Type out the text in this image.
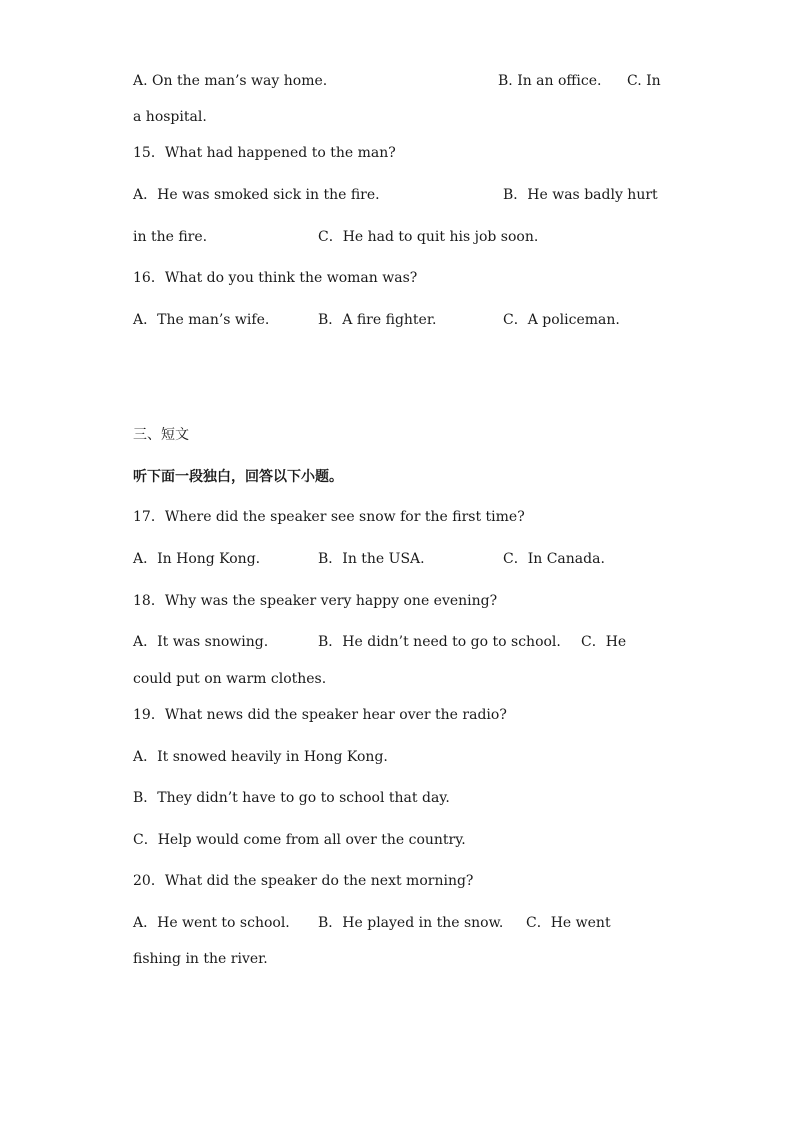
A. On the man’s way home.	B. In an office. C. In
a hospital.
15．What had happened to the man?
A．He was smoked sick in the fire.	B．He was badly hurt
in the fire.	C．He had to quit his job soon.
16．What do you think the woman was?
A．The man’s wife.	B．A fire fighter.	C．A policeman.
三、短文
听下面一段独白，回答以下小题。
17．Where did the speaker see snow for the first time?
A．In Hong Kong.	B．In the USA.	C．In Canada.
18．Why was the speaker very happy one evening?
A．It was snowing.	B．He didn’t need to go to school. C．He
could put on warm clothes.
19．What news did the speaker hear over the radio?
A．It snowed heavily in Hong Kong.
B．They didn’t have to go to school that day.
C．Help would come from all over the country.
20．What did the speaker do the next morning?
A．He went to school. B．He played in the snow. C．He went
fishing in the river.
